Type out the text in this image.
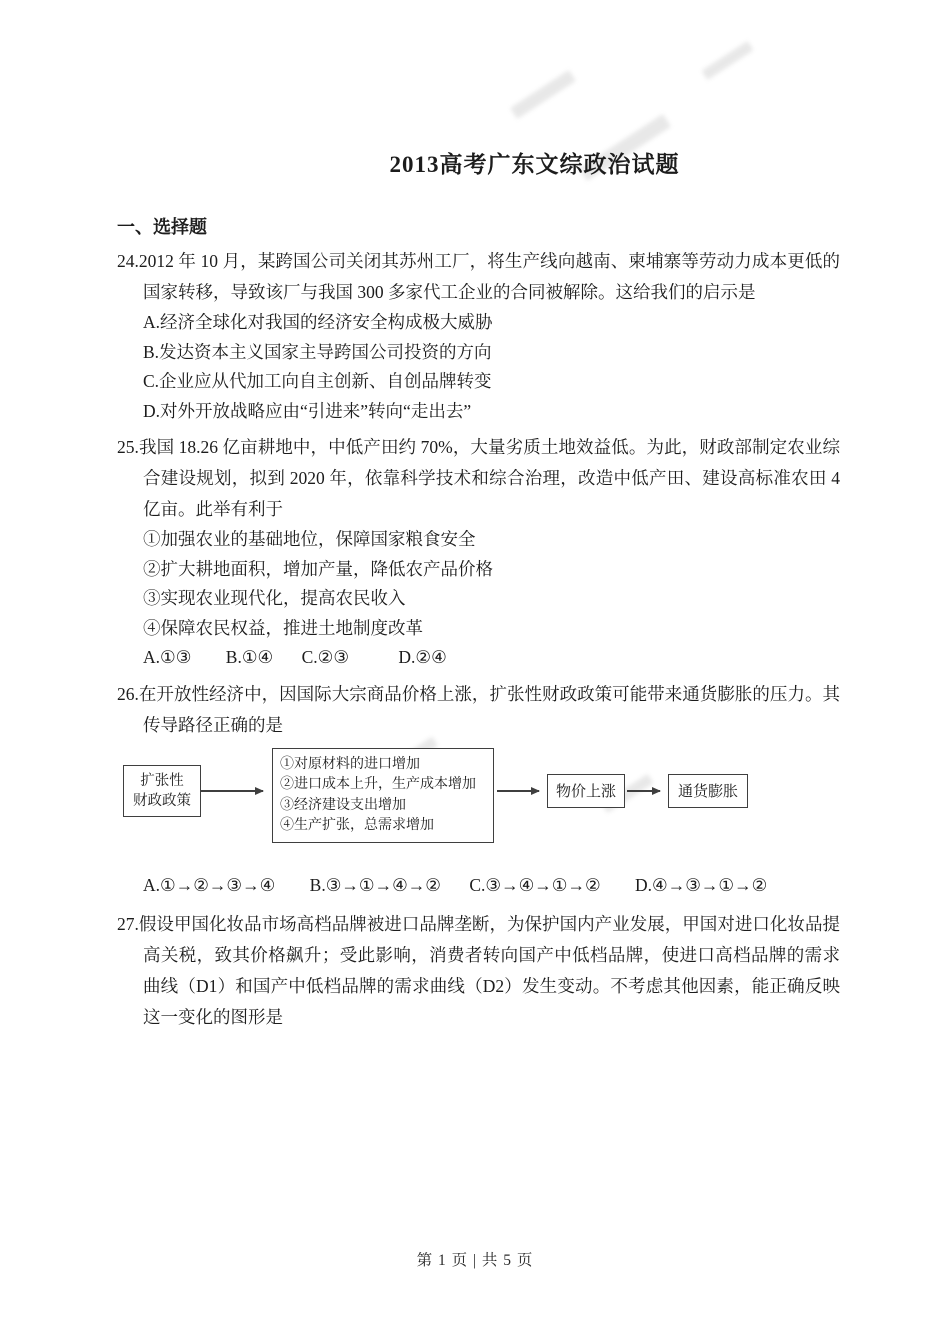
2013高考广东文综政治试题
一、选择题

24.2012 年 10 月，某跨国公司关闭其苏州工厂，将生产线向越南、柬埔寨等劳动力成本更低的国家转移，导致该厂与我国 300 多家代工企业的合同被解除。这给我们的启示是

A.经济全球化对我国的经济安全构成极大威胁
B.发达资本主义国家主导跨国公司投资的方向
C.企业应从代加工向自主创新、自创品牌转变
D.对外开放战略应由“引进来”转向“走出去”

25.我国 18.26 亿亩耕地中，中低产田约 70%，大量劣质土地效益低。为此，财政部制定农业综合建设规划，拟到 2020 年，依靠科学技术和综合治理，改造中低产田、建设高标准农田 4 亿亩。此举有利于

①加强农业的基础地位，保障国家粮食安全
②扩大耕地面积，增加产量，降低农产品价格
③实现农业现代化，提高农民收入
④保障农民权益，推进土地制度改革
A.①③ B.①④ C.②③	D.②④

26.在开放性经济中，因国际大宗商品价格上涨，扩张性财政政策可能带来通货膨胀的压力。其传导路径正确的是

扩张性
财政政策
①对原材料的进口增加
②进口成本上升，生产成本增加
③经济建设支出增加
④生产扩张，总需求增加
物价上涨	通货膨胀
A.①→②→③→④ B.③→①→④→② C.③→④→①→② D.④→③→①→②

27.假设甲国化妆品市场高档品牌被进口品牌垄断，为保护国内产业发展，甲国对进口化妆品提高关税，致其价格飙升；受此影响，消费者转向国产中低档品牌，使进口高档品牌的需求曲线（D1）和国产中低档品牌的需求曲线（D2）发生变动。不考虑其他因素，能正确反映这一变化的图形是

第 1 页 | 共 5 页
